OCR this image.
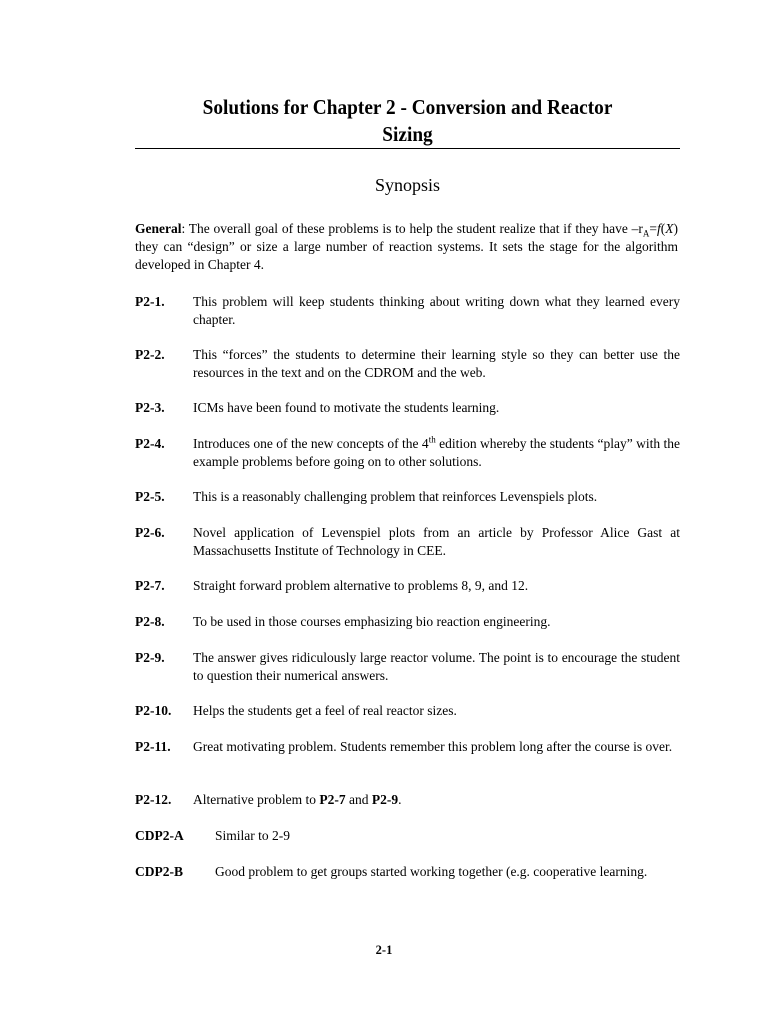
Solutions for Chapter 2 - Conversion and Reactor
Sizing
Synopsis
General: The overall goal of these problems is to help the student realize that if they have $-r_A=f(X)$ they can “design” or size a large number of reaction systems. It sets the stage for the algorithm developed in Chapter 4.
P2-1. This problem will keep students thinking about writing down what they learned every chapter.
P2-2. This “forces” the students to determine their learning style so they can better use the resources in the text and on the CDROM and the web.
P2-3. ICMs have been found to motivate the students learning.
P2-4. Introduces one of the new concepts of the 4th edition whereby the students “play” with the example problems before going on to other solutions.
P2-5. This is a reasonably challenging problem that reinforces Levenspiels plots.
P2-6. Novel application of Levenspiel plots from an article by Professor Alice Gast at Massachusetts Institute of Technology in CEE.
P2-7. Straight forward problem alternative to problems 8, 9, and 12.
P2-8. To be used in those courses emphasizing bio reaction engineering.
P2-9. The answer gives ridiculously large reactor volume. The point is to encourage the student to question their numerical answers.
P2-10. Helps the students get a feel of real reactor sizes.
P2-11. Great motivating problem. Students remember this problem long after the course is over.
P2-12. Alternative problem to P2-7 and P2-9.
CDP2-A Similar to 2-9
CDP2-B Good problem to get groups started working together (e.g. cooperative learning.
2-1
